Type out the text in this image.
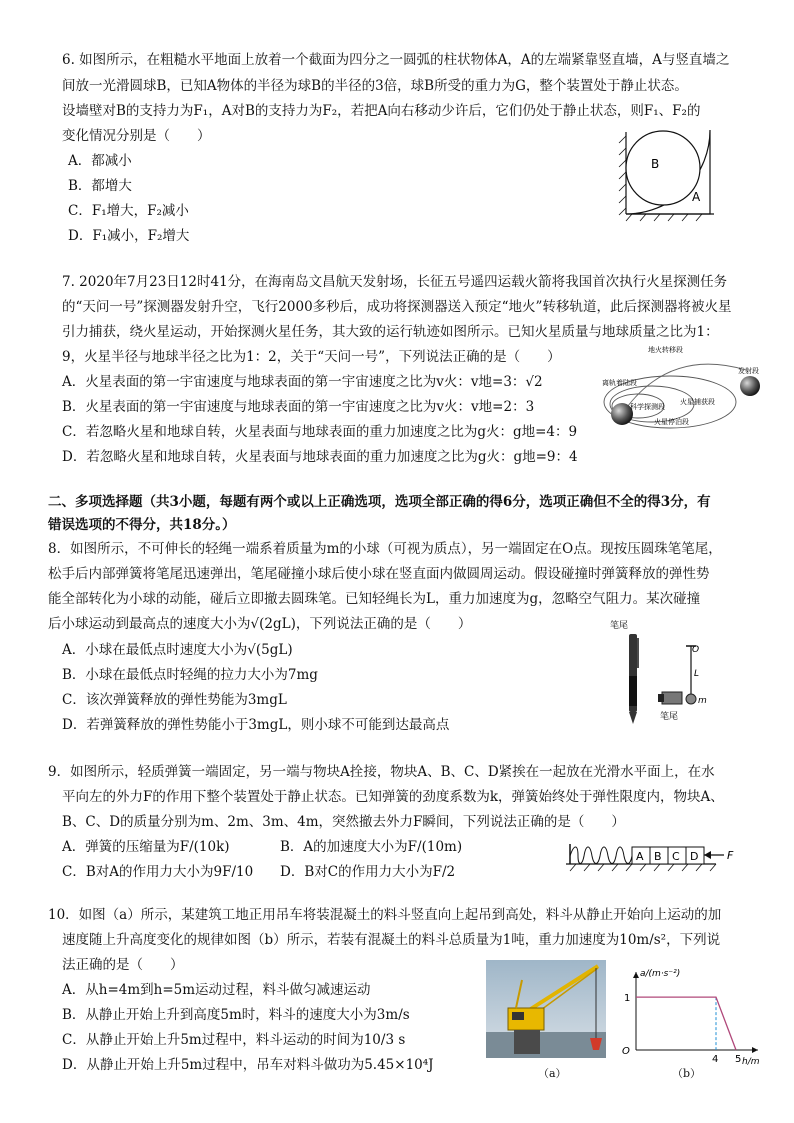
6. 如图所示，在粗糙水平地面上放着一个截面为四分之一圆弧的柱状物体A，A的左端紧靠竖直墙，A与竖直墙之
间放一光滑圆球B，已知A物体的半径为球B的半径的3倍，球B所受的重力为G，整个装置处于静止状态。
设墙壁对B的支持力为F₁，A对B的支持力为F₂，若把A向右移动少许后，它们仍处于静止状态，则F₁、F₂的
变化情况分别是（　　）
A．都减小
B．都增大
C．F₁增大，F₂减小
D．F₁减小，F₂增大
B
A
7. 2020年7月23日12时41分，在海南岛文昌航天发射场，长征五号遥四运载火箭将我国首次执行火星探测任务
的“天问一号”探测器发射升空，飞行2000多秒后，成功将探测器送入预定“地火”转移轨道，此后探测器将被火星
引力捕获，绕火星运动，开始探测火星任务，其大致的运行轨迹如图所示。已知火星质量与地球质量之比为1：
9，火星半径与地球半径之比为1：2，关于“天问一号”，下列说法正确的是（　　）
A．火星表面的第一宇宙速度与地球表面的第一宇宙速度之比为v火：v地=3：√2
B．火星表面的第一宇宙速度与地球表面的第一宇宙速度之比为v火：v地=2：3
C．若忽略火星和地球自转，火星表面与地球表面的重力加速度之比为g火：g地=4：9
D．若忽略火星和地球自转，火星表面与地球表面的重力加速度之比为g火：g地=9：4
地火转移段
发射段
离轨着陆段
科学探测段
火星捕获段
火星停泊段
二、多项选择题（共3小题，每题有两个或以上正确选项，选项全部正确的得6分，选项正确但不全的得3分，有
错误选项的不得分，共18分。）
8．如图所示，不可伸长的轻绳一端系着质量为m的小球（可视为质点），另一端固定在O点。现按压圆珠笔笔尾，
松手后内部弹簧将笔尾迅速弹出，笔尾碰撞小球后使小球在竖直面内做圆周运动。假设碰撞时弹簧释放的弹性势
能全部转化为小球的动能，碰后立即撤去圆珠笔。已知轻绳长为L，重力加速度为g，忽略空气阻力。某次碰撞
后小球运动到最高点的速度大小为√(2gL)，下列说法正确的是（　　）
A．小球在最低点时速度大小为√(5gL)
B．小球在最低点时轻绳的拉力大小为7mg
C．该次弹簧释放的弹性势能为3mgL
D．若弹簧释放的弹性势能小于3mgL，则小球不可能到达最高点
笔尾
O
L
m
笔尾
9．如图所示，轻质弹簧一端固定，另一端与物块A拴接，物块A、B、C、D紧挨在一起放在光滑水平面上，在水
平向左的外力F的作用下整个装置处于静止状态。已知弹簧的劲度系数为k，弹簧始终处于弹性限度内，物块A、
B、C、D的质量分别为m、2m、3m、4m，突然撤去外力F瞬间，下列说法正确的是（　　）
A．弹簧的压缩量为F/(10k)	B．A的加速度大小为F/(10m)
C．B对A的作用力大小为9F/10 D．B对C的作用力大小为F/2
A B C D	F
10．如图（a）所示，某建筑工地正用吊车将装混凝土的料斗竖直向上起吊到高处，料斗从静止开始向上运动的加
速度随上升高度变化的规律如图（b）所示，若装有混凝土的料斗总质量为1吨，重力加速度为10m/s²，下列说
法正确的是（　　）
A．从h=4m到h=5m运动过程，料斗做匀减速运动
B．从静止开始上升到高度5m时，料斗的速度大小为3m/s
C．从静止开始上升5m过程中，料斗运动的时间为10/3 s
D．从静止开始上升5m过程中，吊车对料斗做功为5.45×10⁴J
（a）
a/(m·s⁻²)
h/m
O
1
4 5
（b）
